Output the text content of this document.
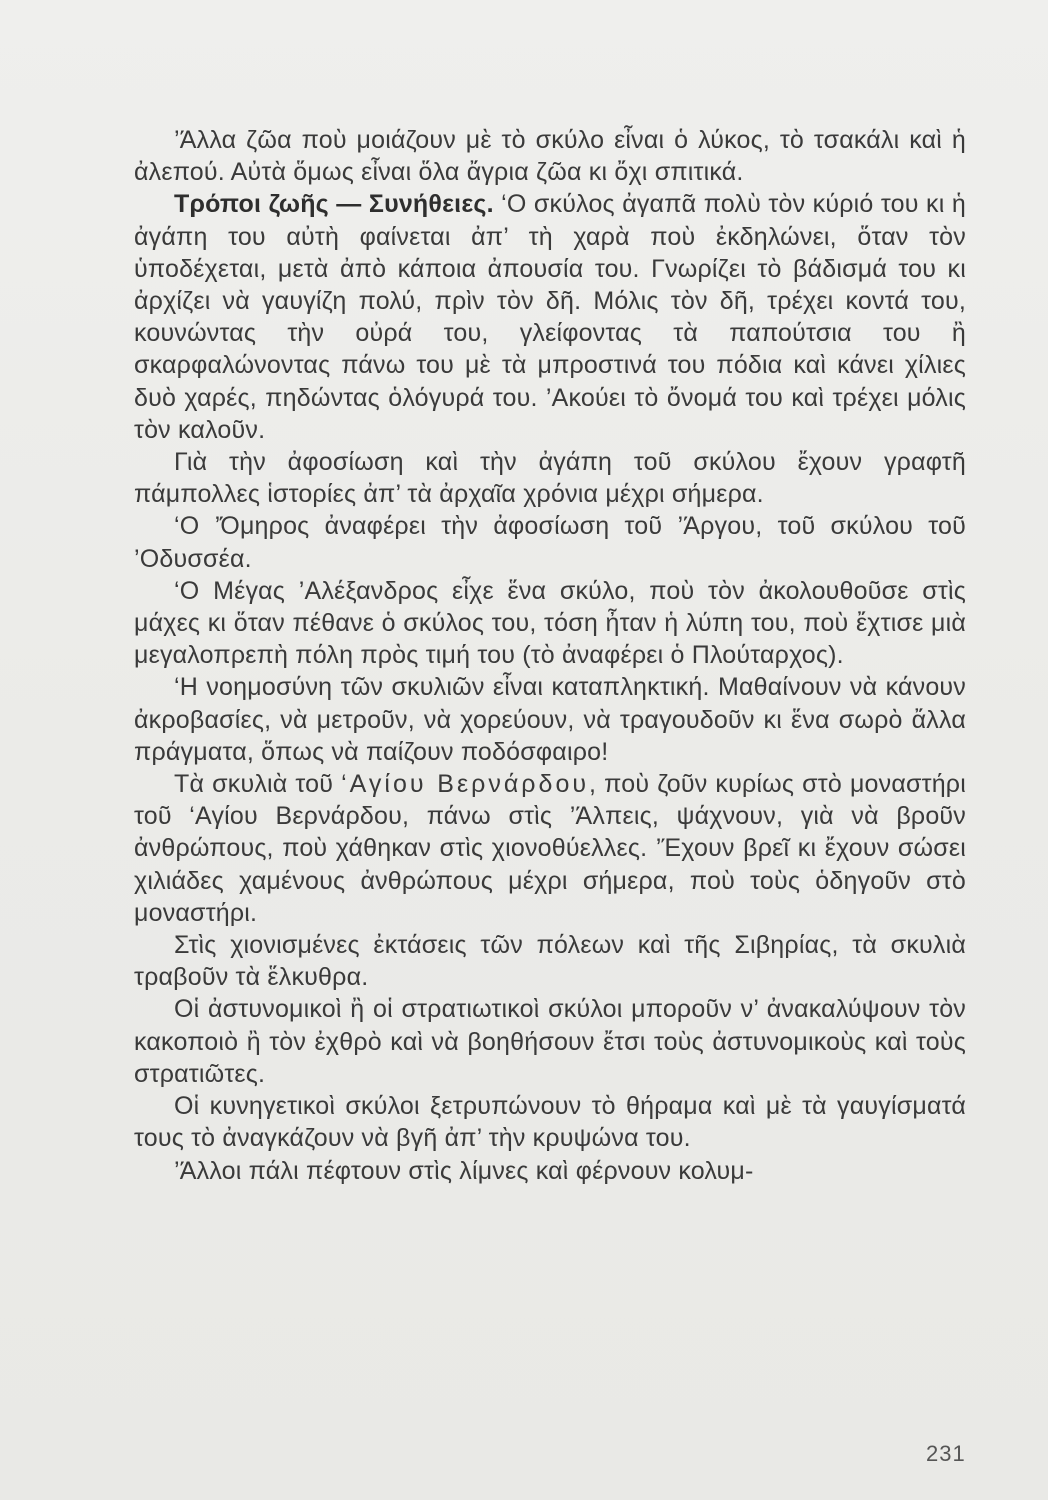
’Άλλα ζῶα ποὺ μοιάζουν μὲ τὸ σκύλο εἶναι ὁ λύκος, τὸ τσακάλι καὶ ἡ ἀλεπού. Αὐτὰ ὅμως εἶναι ὅλα ἄγρια ζῶα κι ὄχι σπιτικά.

Τρόποι ζωῆς — Συνήθειες. ‘Ο σκύλος ἀγαπᾶ πολὺ τὸν κύριό του κι ἡ ἀγάπη του αὐτὴ φαίνεται ἀπ’ τὴ χαρὰ ποὺ ἐκδηλώνει, ὅταν τὸν ὑποδέχεται, μετὰ ἀπὸ κάποια ἀπουσία του. Γνωρίζει τὸ βάδισμά του κι ἀρχίζει νὰ γαυγίζη πολύ, πρὶν τὸν δῆ. Μόλις τὸν δῆ, τρέχει κοντά του, κουνώντας τὴν οὐρά του, γλείφοντας τὰ παπούτσια του ἢ σκαρφαλώνοντας πάνω του μὲ τὰ μπροστινά του πόδια καὶ κάνει χίλιες δυὸ χαρές, πηδώντας ὁλόγυρά του. ’Ακούει τὸ ὄνομά του καὶ τρέχει μόλις τὸν καλοῦν.

Γιὰ τὴν ἀφοσίωση καὶ τὴν ἀγάπη τοῦ σκύλου ἔχουν γραφτῆ πάμπολλες ἱστορίες ἀπ’ τὰ ἀρχαῖα χρόνια μέχρι σήμερα.

‘Ο ’Όμηρος ἀναφέρει τὴν ἀφοσίωση τοῦ ’Άργου, τοῦ σκύλου τοῦ ’Οδυσσέα.

‘Ο Μέγας ’Αλέξανδρος εἶχε ἕνα σκύλο, ποὺ τὸν ἀκολουθοῦσε στὶς μάχες κι ὅταν πέθανε ὁ σκύλος του, τόση ἦταν ἡ λύπη του, ποὺ ἔχτισε μιὰ μεγαλοπρεπὴ πόλη πρὸς τιμή του (τὸ ἀναφέρει ὁ Πλούταρχος).

‘Η νοημοσύνη τῶν σκυλιῶν εἶναι καταπληκτική. Μαθαίνουν νὰ κάνουν ἀκροβασίες, νὰ μετροῦν, νὰ χορεύουν, νὰ τραγουδοῦν κι ἕνα σωρὸ ἄλλα πράγματα, ὅπως νὰ παίζουν ποδόσφαιρο!

Τὰ σκυλιὰ τοῦ ‘Αγίου Βερνάρδου, ποὺ ζοῦν κυρίως στὸ μοναστήρι τοῦ ‘Αγίου Βερνάρδου, πάνω στὶς ’Άλπεις, ψάχνουν, γιὰ νὰ βροῦν ἀνθρώπους, ποὺ χάθηκαν στὶς χιονοθύελλες. ’Έχουν βρεῖ κι ἔχουν σώσει χιλιάδες χαμένους ἀνθρώπους μέχρι σήμερα, ποὺ τοὺς ὁδηγοῦν στὸ μοναστήρι.

Στὶς χιονισμένες ἐκτάσεις τῶν πόλεων καὶ τῆς Σιβηρίας, τὰ σκυλιὰ τραβοῦν τὰ ἕλκυθρα.

Οἱ ἀστυνομικοὶ ἢ οἱ στρατιωτικοὶ σκύλοι μποροῦν ν’ ἀνακαλύψουν τὸν κακοποιὸ ἢ τὸν ἐχθρὸ καὶ νὰ βοηθήσουν ἔτσι τοὺς ἀστυνομικοὺς καὶ τοὺς στρατιῶτες.

Οἱ κυνηγετικοὶ σκύλοι ξετρυπώνουν τὸ θήραμα καὶ μὲ τὰ γαυγίσματά τους τὸ ἀναγκάζουν νὰ βγῆ ἀπ’ τὴν κρυψώνα του.

’Άλλοι πάλι πέφτουν στὶς λίμνες καὶ φέρνουν κολυμ-

231
